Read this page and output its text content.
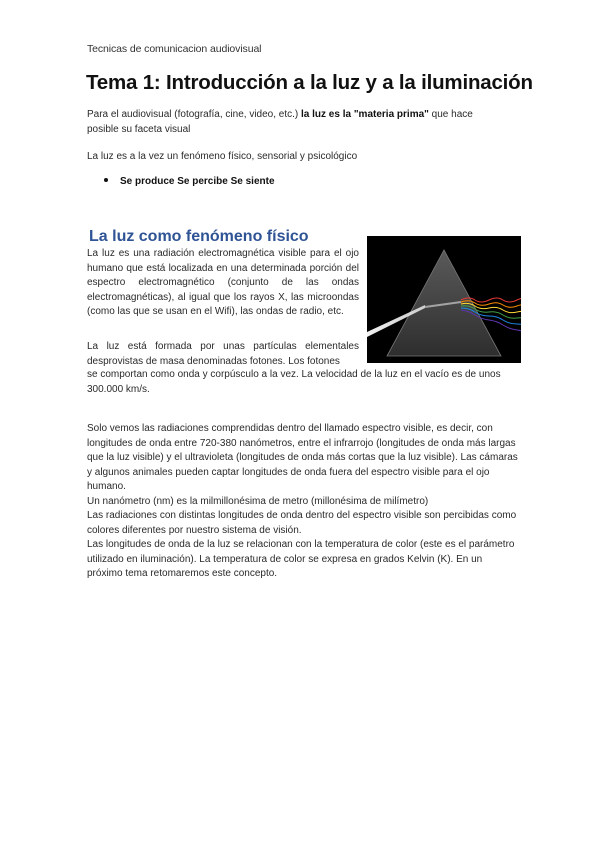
Tecnicas de comunicacion audiovisual
Tema 1: Introducción a la luz y a la iluminación

Para el audiovisual (fotografía, cine, video, etc.) la luz es la "materia prima" que hace posible su faceta visual

La luz es a la vez un fenómeno físico, sensorial y psicológico

Se produce Se percibe Se siente
La luz como fenómeno físico

La luz es una radiación electromagnética visible para el ojo humano que está localizada en una determinada porción del espectro electromagnético (conjunto de las ondas electromagnéticas), al igual que los rayos X, las microondas (como las que se usan en el Wifi), las ondas de radio, etc.

La luz está formada por unas partículas elementales desprovistas de masa denominadas fotones. Los fotones

se comportan como onda y corpúsculo a la vez. La velocidad de la luz en el vacío es de unos 300.000 km/s.

Solo vemos las radiaciones comprendidas dentro del llamado espectro visible, es decir, con longitudes de onda entre 720-380 nanómetros, entre el infrarrojo (longitudes de onda más largas que la luz visible) y el ultravioleta (longitudes de onda más cortas que la luz visible). Las cámaras y algunos animales pueden captar longitudes de onda fuera del espectro visible para el ojo humano.
Un nanómetro (nm) es la milmillonésima de metro (millonésima de milímetro)
Las radiaciones con distintas longitudes de onda dentro del espectro visible son percibidas como colores diferentes por nuestro sistema de visión.
Las longitudes de onda de la luz se relacionan con la temperatura de color (este es el parámetro utilizado en iluminación). La temperatura de color se expresa en grados Kelvin (K). En un próximo tema retomaremos este concepto.
